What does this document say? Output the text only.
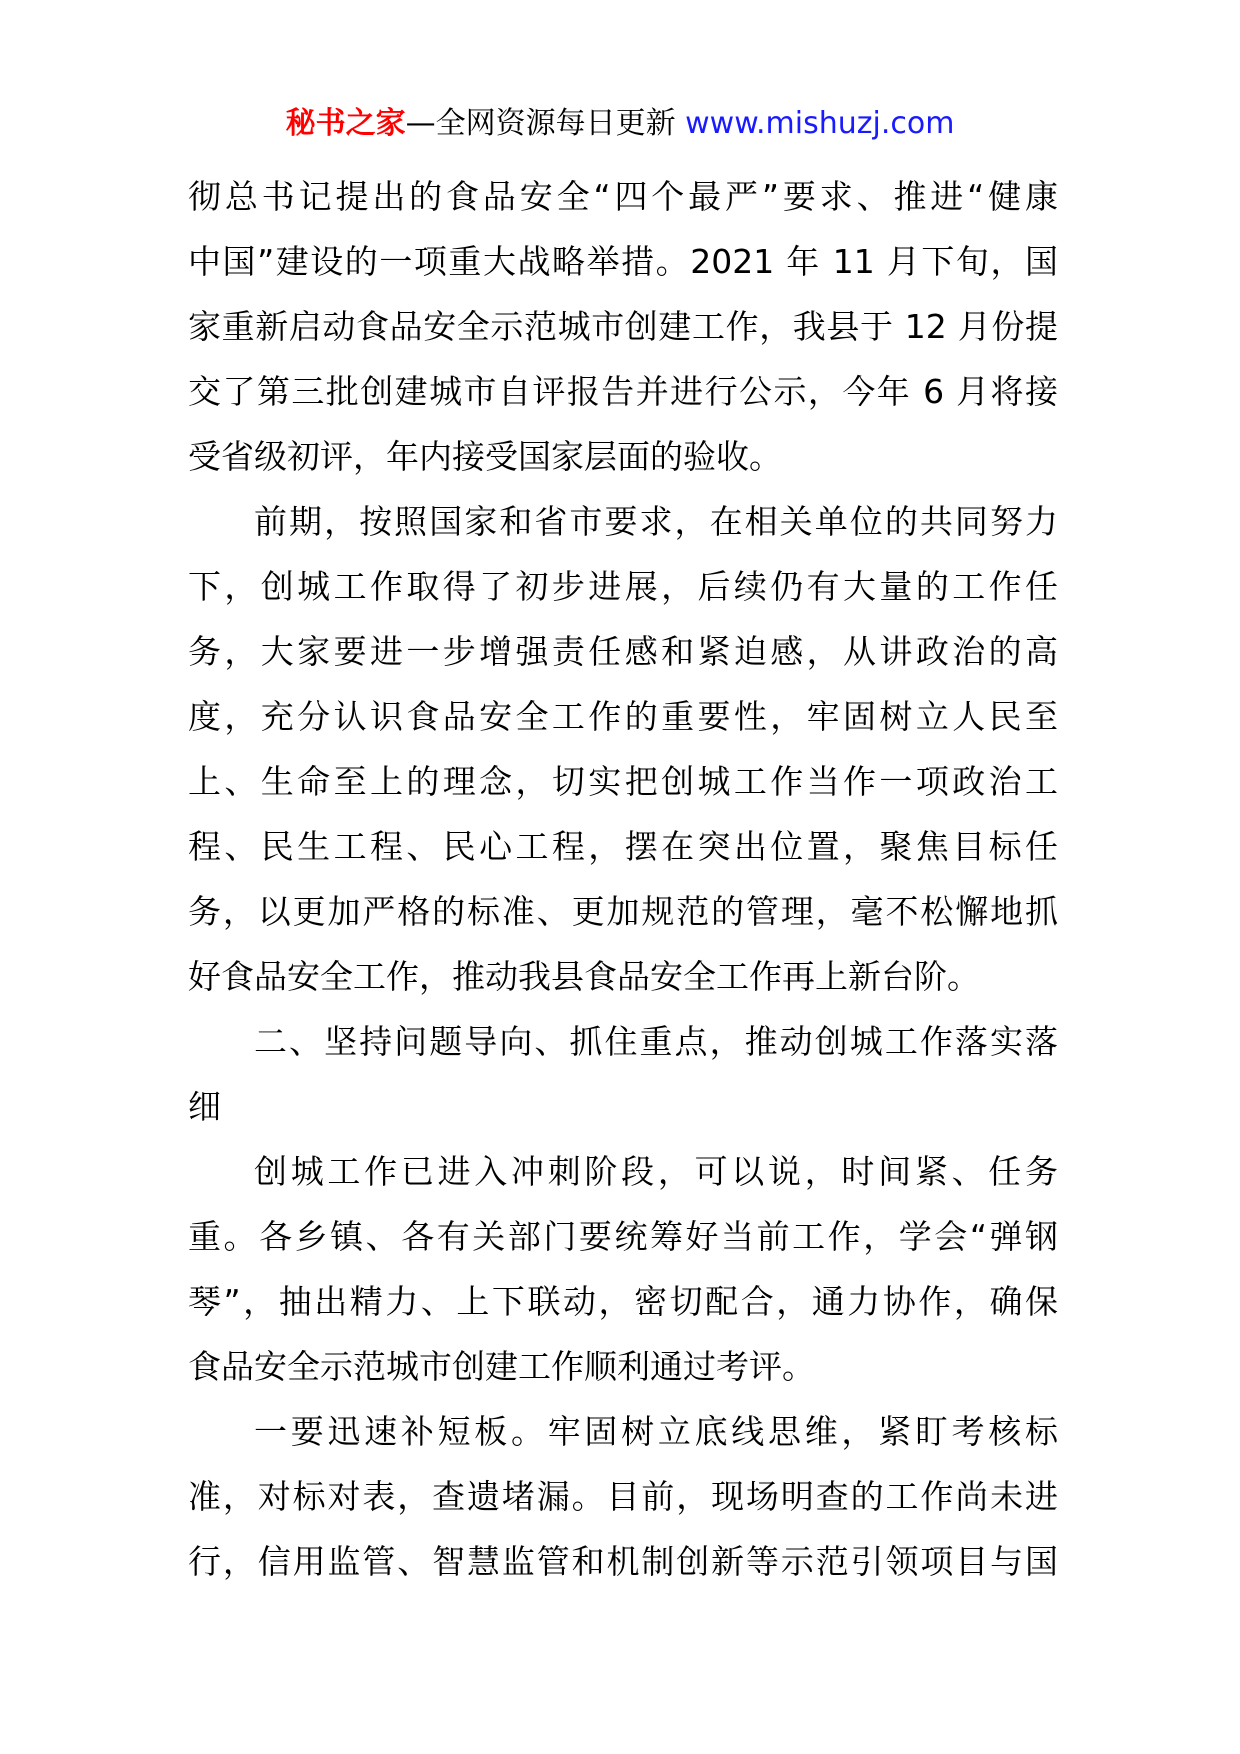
秘书之家—全网资源每日更新 www.mishuzj.com
彻总书记提出的食品安全“四个最严”要求、推进“健康
中国”建设的一项重大战略举措。2021 年 11 月下旬，国
家重新启动食品安全示范城市创建工作，我县于 12 月份提
交了第三批创建城市自评报告并进行公示，今年 6 月将接
受省级初评，年内接受国家层面的验收。
前期，按照国家和省市要求，在相关单位的共同努力
下，创城工作取得了初步进展，后续仍有大量的工作任
务，大家要进一步增强责任感和紧迫感，从讲政治的高
度，充分认识食品安全工作的重要性，牢固树立人民至
上、生命至上的理念，切实把创城工作当作一项政治工
程、民生工程、民心工程，摆在突出位置，聚焦目标任
务，以更加严格的标准、更加规范的管理，毫不松懈地抓
好食品安全工作，推动我县食品安全工作再上新台阶。
二、坚持问题导向、抓住重点，推动创城工作落实落
细
创城工作已进入冲刺阶段，可以说，时间紧、任务
重。各乡镇、各有关部门要统筹好当前工作，学会“弹钢
琴”，抽出精力、上下联动，密切配合，通力协作，确保
食品安全示范城市创建工作顺利通过考评。
一要迅速补短板。牢固树立底线思维，紧盯考核标
准，对标对表，查遗堵漏。目前，现场明查的工作尚未进
行，信用监管、智慧监管和机制创新等示范引领项目与国
